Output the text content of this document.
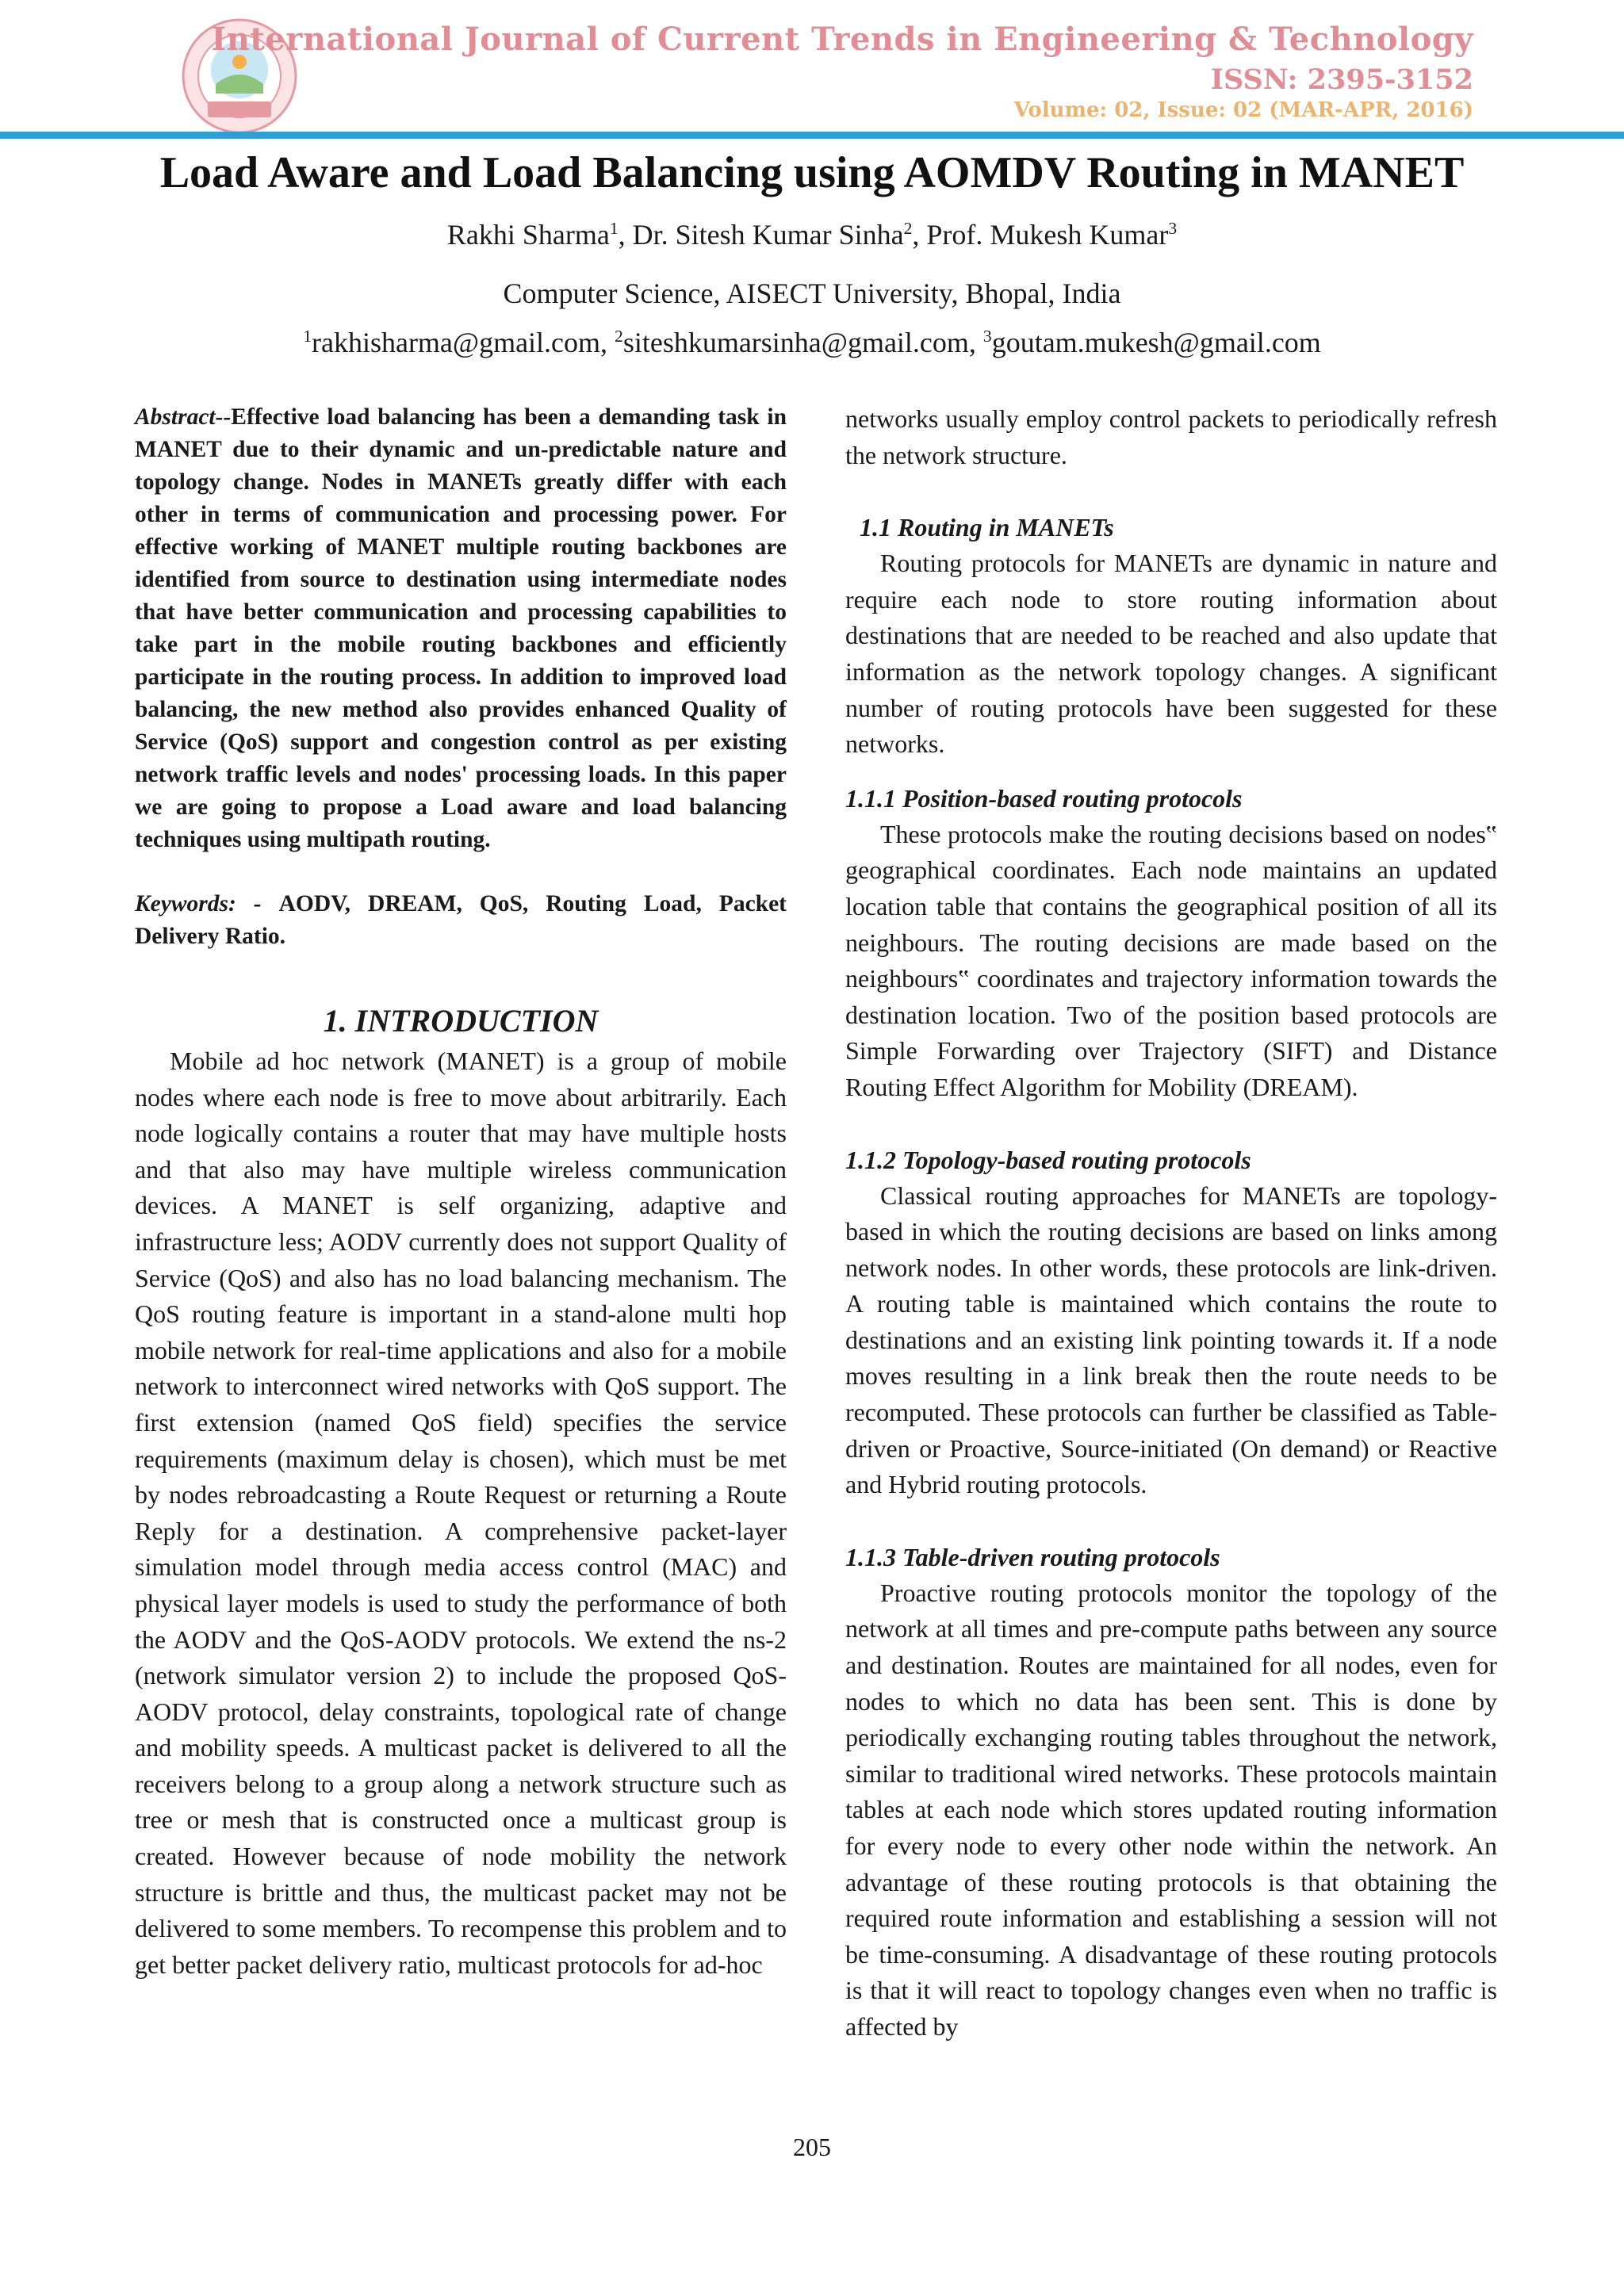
International Journal of Current Trends in Engineering & Technology
ISSN: 2395-3152
Volume: 02, Issue: 02 (MAR-APR, 2016)
Load Aware and Load Balancing using AOMDV Routing in MANET
Rakhi Sharma$^1$, Dr. Sitesh Kumar Sinha$^2$, Prof. Mukesh Kumar$^3$
Computer Science, AISECT University, Bhopal, India
$^1$rakhisharma@gmail.com, $^2$siteshkumarsinha@gmail.com, $^3$goutam.mukesh@gmail.com

Abstract--Effective load balancing has been a demanding task in MANET due to their dynamic and un-predictable nature and topology change. Nodes in MANETs greatly differ with each other in terms of communication and processing power. For effective working of MANET multiple routing backbones are identified from source to destination using intermediate nodes that have better communication and processing capabilities to take part in the mobile routing backbones and efficiently participate in the routing process. In addition to improved load balancing, the new method also provides enhanced Quality of Service (QoS) support and congestion control as per existing network traffic levels and nodes' processing loads. In this paper we are going to propose a Load aware and load balancing techniques using multipath routing.

Keywords: - AODV, DREAM, QoS, Routing Load, Packet Delivery Ratio.

1. INTRODUCTION

Mobile ad hoc network (MANET) is a group of mobile nodes where each node is free to move about arbitrarily. Each node logically contains a router that may have multiple hosts and that also may have multiple wireless communication devices. A MANET is self organizing, adaptive and infrastructure less; AODV currently does not support Quality of Service (QoS) and also has no load balancing mechanism. The QoS routing feature is important in a stand-alone multi hop mobile network for real-time applications and also for a mobile network to interconnect wired networks with QoS support. The first extension (named QoS field) specifies the service requirements (maximum delay is chosen), which must be met by nodes rebroadcasting a Route Request or returning a Route Reply for a destination. A comprehensive packet-layer simulation model through media access control (MAC) and physical layer models is used to study the performance of both the AODV and the QoS-AODV protocols. We extend the ns-2 (network simulator version 2) to include the proposed QoS-AODV protocol, delay constraints, topological rate of change and mobility speeds. A multicast packet is delivered to all the receivers belong to a group along a network structure such as tree or mesh that is constructed once a multicast group is created. However because of node mobility the network structure is brittle and thus, the multicast packet may not be delivered to some members. To recompense this problem and to get better packet delivery ratio, multicast protocols for ad-hoc

networks usually employ control packets to periodically refresh the network structure.

1.1 Routing in MANETs

Routing protocols for MANETs are dynamic in nature and require each node to store routing information about destinations that are needed to be reached and also update that information as the network topology changes. A significant number of routing protocols have been suggested for these networks.

1.1.1 Position-based routing protocols

These protocols make the routing decisions based on nodes‟ geographical coordinates. Each node maintains an updated location table that contains the geographical position of all its neighbours. The routing decisions are made based on the neighbours‟ coordinates and trajectory information towards the destination location. Two of the position based protocols are Simple Forwarding over Trajectory (SIFT) and Distance Routing Effect Algorithm for Mobility (DREAM).

1.1.2 Topology-based routing protocols

Classical routing approaches for MANETs are topology-based in which the routing decisions are based on links among network nodes. In other words, these protocols are link-driven. A routing table is maintained which contains the route to destinations and an existing link pointing towards it. If a node moves resulting in a link break then the route needs to be recomputed. These protocols can further be classified as Table-driven or Proactive, Source-initiated (On demand) or Reactive and Hybrid routing protocols.

1.1.3 Table-driven routing protocols

Proactive routing protocols monitor the topology of the network at all times and pre-compute paths between any source and destination. Routes are maintained for all nodes, even for nodes to which no data has been sent. This is done by periodically exchanging routing tables throughout the network, similar to traditional wired networks. These protocols maintain tables at each node which stores updated routing information for every node to every other node within the network. An advantage of these routing protocols is that obtaining the required route information and establishing a session will not be time-consuming. A disadvantage of these routing protocols is that it will react to topology changes even when no traffic is affected by

205
